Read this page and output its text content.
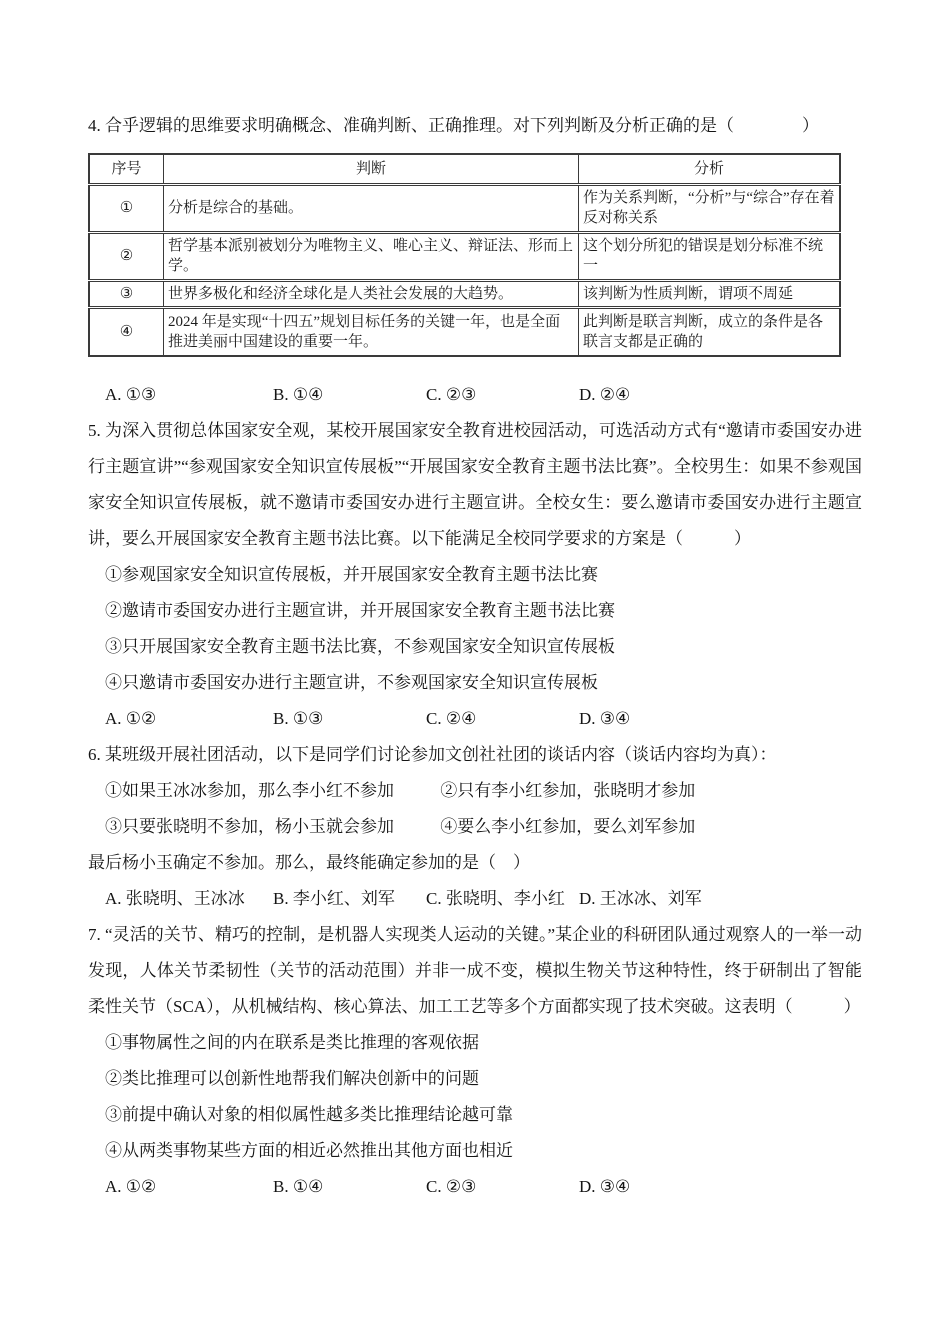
4. 合乎逻辑的思维要求明确概念、准确判断、正确推理。对下列判断及分析正确的是（　　　　）

序号	判断	分析
①	分析是综合的基础。	作为关系判断，“分析”与“综合”存在着反对称关系
②	哲学基本派别被划分为唯物主义、唯心主义、辩证法、形而上学。	这个划分所犯的错误是划分标准不统一
③	世界多极化和经济全球化是人类社会发展的大趋势。	该判断为性质判断，谓项不周延
④	2024 年是实现“十四五”规划目标任务的关键一年，也是全面推进美丽中国建设的重要一年。	此判断是联言判断，成立的条件是各联言支都是正确的
A. ①③	B. ①④	C. ②③	D. ②④

5. 为深入贯彻总体国家安全观，某校开展国家安全教育进校园活动，可选活动方式有“邀请市委国安办进行主题宣讲”“参观国家安全知识宣传展板”“开展国家安全教育主题书法比赛”。全校男生：如果不参观国家安全知识宣传展板，就不邀请市委国安办进行主题宣讲。全校女生：要么邀请市委国安办进行主题宣讲，要么开展国家安全教育主题书法比赛。以下能满足全校同学要求的方案是（　　　）

①参观国家安全知识宣传展板，并开展国家安全教育主题书法比赛

②邀请市委国安办进行主题宣讲，并开展国家安全教育主题书法比赛

③只开展国家安全教育主题书法比赛，不参观国家安全知识宣传展板

④只邀请市委国安办进行主题宣讲，不参观国家安全知识宣传展板

A. ①②	B. ①③	C. ②④	D. ③④

6. 某班级开展社团活动，以下是同学们讨论参加文创社社团的谈话内容（谈话内容均为真）：

①如果王冰冰参加，那么李小红不参加	②只有李小红参加，张晓明才参加

③只要张晓明不参加，杨小玉就会参加	④要么李小红参加，要么刘军参加

最后杨小玉确定不参加。那么，最终能确定参加的是（　）

A. 张晓明、王冰冰	B. 李小红、刘军	C. 张晓明、李小红 D. 王冰冰、刘军

7. “灵活的关节、精巧的控制，是机器人实现类人运动的关键。”某企业的科研团队通过观察人的一举一动发现，人体关节柔韧性（关节的活动范围）并非一成不变，模拟生物关节这种特性，终于研制出了智能柔性关节（SCA），从机械结构、核心算法、加工工艺等多个方面都实现了技术突破。这表明（　　　）

①事物属性之间的内在联系是类比推理的客观依据

②类比推理可以创新性地帮我们解决创新中的问题

③前提中确认对象的相似属性越多类比推理结论越可靠

④从两类事物某些方面的相近必然推出其他方面也相近

A. ①②	B. ①④	C. ②③	D. ③④
